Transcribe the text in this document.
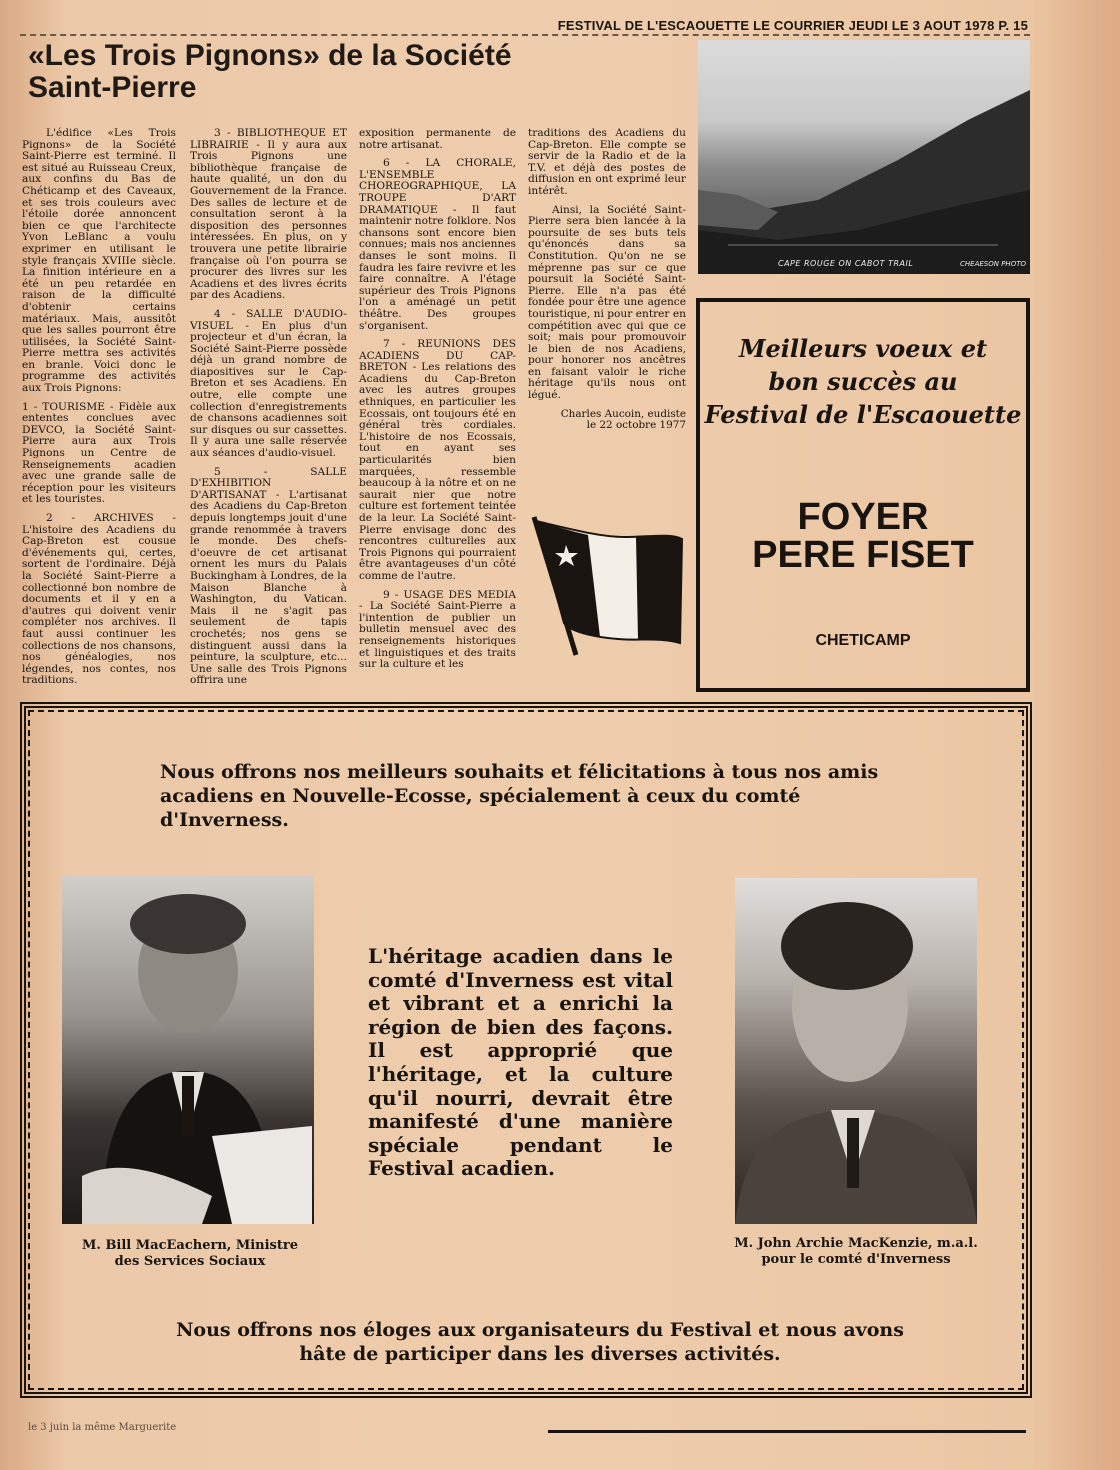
FESTIVAL DE L'ESCAOUETTE LE COURRIER JEUDI LE 3 AOUT 1978 P. 15
«Les Trois Pignons» de la Société Saint-Pierre

L'édifice «Les Trois Pignons» de la Société Saint-Pierre est terminé. Il est situé au Ruisseau Creux, aux confins du Bas de Chéticamp et des Caveaux, et ses trois couleurs avec l'étoile dorée annoncent bien ce que l'architecte Yvon LeBlanc a voulu exprimer en utilisant le style français XVIIIe siècle. La finition intérieure en a été un peu retardée en raison de la difficulté d'obtenir certains matériaux. Mais, aussitôt que les salles pourront être utilisées, la Société Saint-Pierre mettra ses activités en branle. Voici donc le programme des activités aux Trois Pignons:

1 - TOURISME - Fidèle aux ententes conclues avec DEVCO, la Société Saint-Pierre aura aux Trois Pignons un Centre de Renseignements acadien avec une grande salle de réception pour les visiteurs et les touristes.

2 - ARCHIVES - L'histoire des Acadiens du Cap-Breton est cousue d'événements qui, certes, sortent de l'ordinaire. Déjà la Société Saint-Pierre a collectionné bon nombre de documents et il y en a d'autres qui doivent venir compléter nos archives. Il faut aussi continuer les collections de nos chansons, nos généalogies, nos légendes, nos contes, nos traditions.

3 - BIBLIOTHEQUE ET LIBRAIRIE - Il y aura aux Trois Pignons une bibliothèque française de haute qualité, un don du Gouvernement de la France. Des salles de lecture et de consultation seront à la disposition des personnes intéressées. En plus, on y trouvera une petite librairie française où l'on pourra se procurer des livres sur les Acadiens et des livres écrits par des Acadiens.

4 - SALLE D'AUDIO-VISUEL - En plus d'un projecteur et d'un écran, la Société Saint-Pierre possède déjà un grand nombre de diapositives sur le Cap-Breton et ses Acadiens. En outre, elle compte une collection d'enregistrements de chansons acadiennes soit sur disques ou sur cassettes. Il y aura une salle réservée aux séances d'audio-visuel.

5 - SALLE D'EXHIBITION D'ARTISANAT - L'artisanat des Acadiens du Cap-Breton depuis longtemps jouit d'une grande renommée à travers le monde. Des chefs-d'oeuvre de cet artisanat ornent les murs du Palais Buckingham à Londres, de la Maison Blanche à Washington, du Vatican. Mais il ne s'agit pas seulement de tapis crochetés; nos gens se distinguent aussi dans la peinture, la sculpture, etc... Une salle des Trois Pignons offrira une

exposition permanente de notre artisanat.

6 - LA CHORALE, L'ENSEMBLE CHOREOGRAPHIQUE, LA TROUPE D'ART DRAMATIQUE - Il faut maintenir notre folklore. Nos chansons sont encore bien connues; mais nos anciennes danses le sont moins. Il faudra les faire revivre et les faire connaître. A l'étage supérieur des Trois Pignons l'on a aménagé un petit théâtre. Des groupes s'organisent.

7 - REUNIONS DES ACADIENS DU CAP-BRETON - Les relations des Acadiens du Cap-Breton avec les autres groupes ethniques, en particulier les Ecossais, ont toujours été en général très cordiales. L'histoire de nos Ecossais, tout en ayant ses particularités bien marquées, ressemble beaucoup à la nôtre et on ne saurait nier que notre culture est fortement teintée de la leur. La Société Saint-Pierre envisage donc des rencontres culturelles aux Trois Pignons qui pourraient être avantageuses d'un côté comme de l'autre.

9 - USAGE DES MEDIA - La Société Saint-Pierre a l'intention de publier un bulletin mensuel avec des renseignements historiques et linguistiques et des traits sur la culture et les

traditions des Acadiens du Cap-Breton. Elle compte se servir de la Radio et de la T.V. et déjà des postes de diffusion en ont exprimé leur intérêt.

Ainsi, la Société Saint-Pierre sera bien lancée à la poursuite de ses buts tels qu'énoncés dans sa Constitution. Qu'on ne se méprenne pas sur ce que poursuit la Société Saint-Pierre. Elle n'a pas été fondée pour être une agence touristique, ni pour entrer en compétition avec qui que ce soit; mais pour promouvoir le bien de nos Acadiens, pour honorer nos ancêtres en faisant valoir le riche héritage qu'ils nous ont légué.

Charles Aucoin, eudiste
le 22 octobre 1977
CAPE ROUGE ON CABOT TRAIL	CHEAESON PHOTO
Meilleurs voeux et
bon succès au
Festival de l'Escaouette
FOYER
PERE FISET
CHETICAMP
Nous offrons nos meilleurs souhaits et félicitations à tous nos amis acadiens en Nouvelle-Ecosse, spécialement à ceux du comté d'Inverness.
L'héritage acadien dans le comté d'Inverness est vital et vibrant et a enrichi la région de bien des façons. Il est approprié que l'héritage, et la culture qu'il nourri, devrait être manifesté d'une manière spéciale pendant le Festival acadien.
M. Bill MacEachern, Ministre
des Services Sociaux
M. John Archie MacKenzie, m.a.l.
pour le comté d'Inverness
Nous offrons nos éloges aux organisateurs du Festival et nous avons hâte de participer dans les diverses activités.
le 3 juin la même Marguerite
